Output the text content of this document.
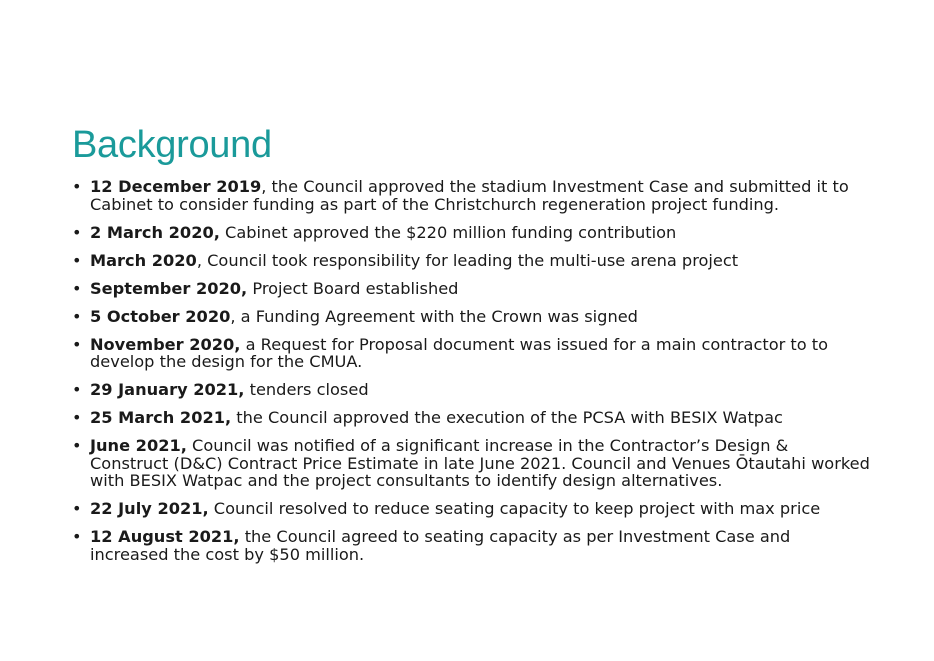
Background
• 12 December 2019, the Council approved the stadium Investment Case and submitted it to Cabinet to consider funding as part of the Christchurch regeneration project funding.
• 2 March 2020, Cabinet approved the $220 million funding contribution
• March 2020, Council took responsibility for leading the multi-use arena project
• September 2020, Project Board established
• 5 October 2020, a Funding Agreement with the Crown was signed
• November 2020, a Request for Proposal document was issued for a main contractor to to develop the design for the CMUA.
• 29 January 2021, tenders closed
• 25 March 2021, the Council approved the execution of the PCSA with BESIX Watpac
• June 2021, Council was notified of a significant increase in the Contractor’s Design & Construct (D&C) Contract Price Estimate in late June 2021. Council and Venues Ōtautahi worked with BESIX Watpac and the project consultants to identify design alternatives.
• 22 July 2021, Council resolved to reduce seating capacity to keep project with max price
• 12 August 2021, the Council agreed to seating capacity as per Investment Case and increased the cost by $50 million.
